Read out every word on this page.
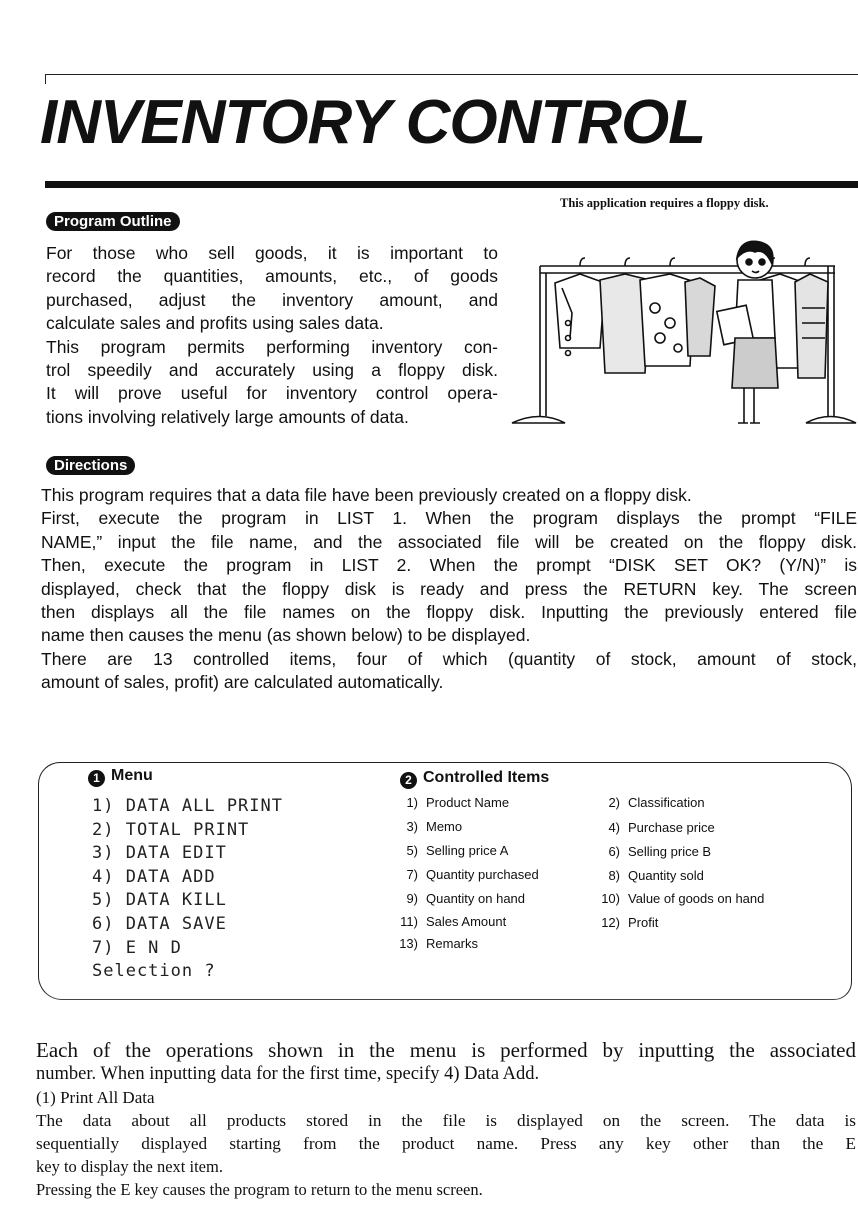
INVENTORY CONTROL
This application requires a floppy disk.
Program Outline

For those who sell goods, it is important to
record the quantities, amounts, etc., of goods
purchased, adjust the inventory amount, and
calculate sales and profits using sales data.
This program permits performing inventory con-
trol speedily and accurately using a floppy disk.
It will prove useful for inventory control opera-
tions involving relatively large amounts of data.

Directions

This program requires that a data file have been previously created on a floppy disk.
First, execute the program in LIST 1. When the program displays the prompt “FILE
NAME,” input the file name, and the associated file will be created on the floppy disk.
Then, execute the program in LIST 2. When the prompt “DISK SET OK? (Y/N)” is
displayed, check that the floppy disk is ready and press the RETURN key. The screen
then displays all the file names on the floppy disk. Inputting the previously entered file
name then causes the menu (as shown below) to be displayed.
There are 13 controlled items, four of which (quantity of stock, amount of stock,
amount of sales, profit) are calculated automatically.

1 Menu
1) DATA ALL PRINT
2) TOTAL PRINT
3) DATA EDIT
4) DATA ADD
5) DATA KILL
6) DATA SAVE
7) E N D
Selection ?
2 Controlled Items
1) Product Name	2) Classification
3) Memo	4) Purchase price
5) Selling price A	6) Selling price B
7) Quantity purchased	8) Quantity sold
9) Quantity on hand	10) Value of goods on hand
11) Sales Amount	12) Profit
13) Remarks
Each of the operations shown in the menu is performed by inputting the associated
number. When inputting data for the first time, specify 4) Data Add.
(1) Print All Data
The data about all products stored in the file is displayed on the screen. The data is
sequentially displayed starting from the product name. Press any key other than the E
key to display the next item.
Pressing the E key causes the program to return to the menu screen.
